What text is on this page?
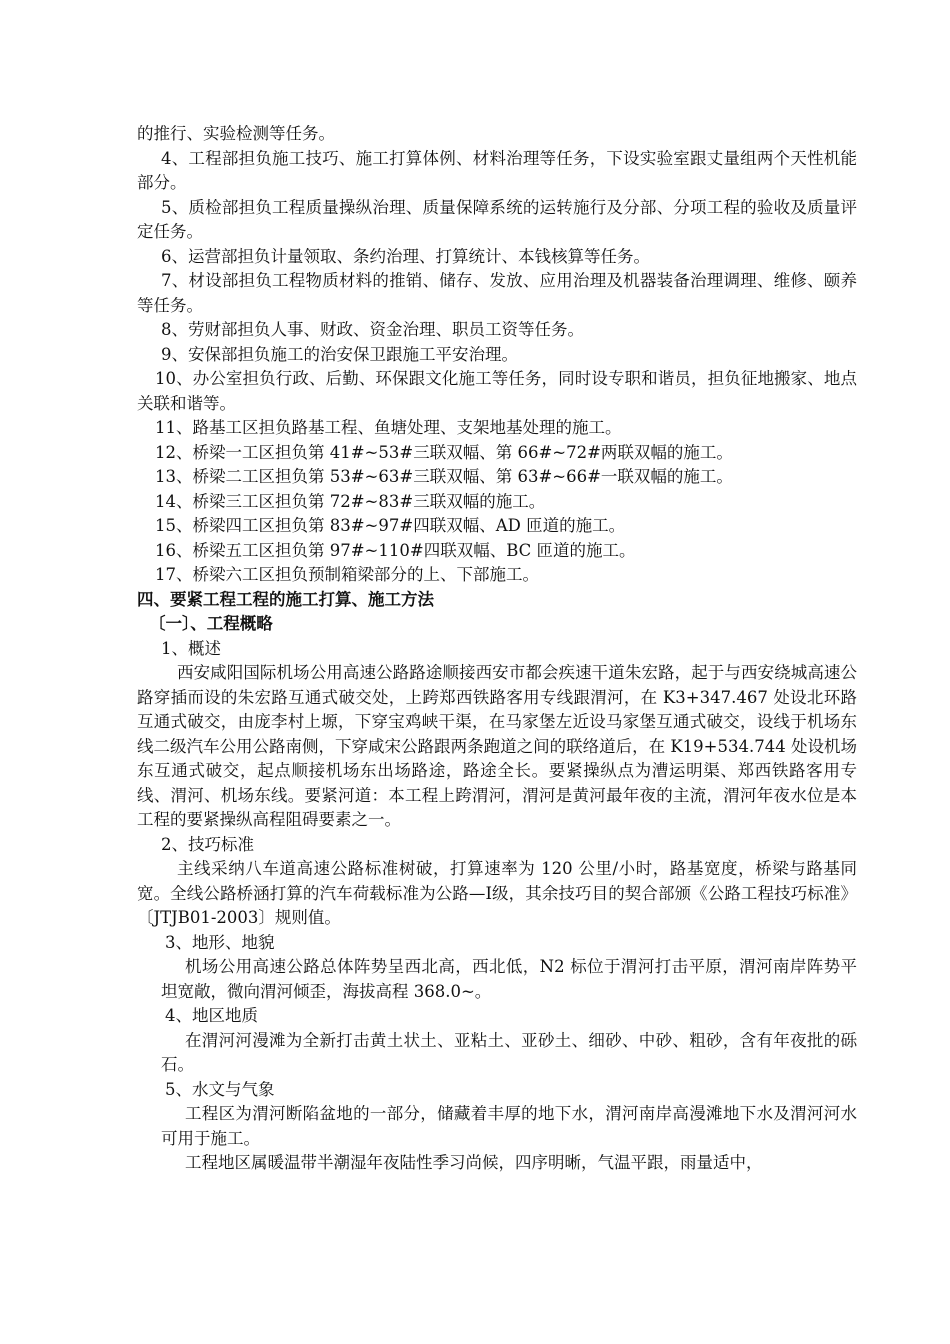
的推行、实验检测等任务。

4、工程部担负施工技巧、施工打算体例、材料治理等任务，下设实验室跟丈量组两个天性机能部分。

5、质检部担负工程质量操纵治理、质量保障系统的运转施行及分部、分项工程的验收及质量评定任务。

6、运营部担负计量领取、条约治理、打算统计、本钱核算等任务。

7、材设部担负工程物质材料的推销、储存、发放、应用治理及机器装备治理调理、维修、颐养等任务。

8、劳财部担负人事、财政、资金治理、职员工资等任务。

9、安保部担负施工的治安保卫跟施工平安治理。

10、办公室担负行政、后勤、环保跟文化施工等任务，同时设专职和谐员，担负征地搬家、地点关联和谐等。

11、路基工区担负路基工程、鱼塘处理、支架地基处理的施工。

12、桥梁一工区担负第 41#~53#三联双幅、第 66#~72#两联双幅的施工。

13、桥梁二工区担负第 53#~63#三联双幅、第 63#~66#一联双幅的施工。

14、桥梁三工区担负第 72#~83#三联双幅的施工。

15、桥梁四工区担负第 83#~97#四联双幅、AD 匝道的施工。

16、桥梁五工区担负第 97#~110#四联双幅、BC 匝道的施工。

17、桥梁六工区担负预制箱梁部分的上、下部施工。

四、要紧工程工程的施工打算、施工方法

〔一〕、工程概略

1、概述

西安咸阳国际机场公用高速公路路途顺接西安市都会疾速干道朱宏路，起于与西安绕城高速公路穿插而设的朱宏路互通式破交处，上跨郑西铁路客用专线跟渭河，在 K3+347.467 处设北环路互通式破交，由庞李村上塬，下穿宝鸡峡干渠，在马家堡左近设马家堡互通式破交，设线于机场东线二级汽车公用公路南侧，下穿咸宋公路跟两条跑道之间的联络道后，在 K19+534.744 处设机场东互通式破交，起点顺接机场东出场路途，路途全长。要紧操纵点为漕运明渠、郑西铁路客用专线、渭河、机场东线。要紧河道：本工程上跨渭河，渭河是黄河最年夜的主流，渭河年夜水位是本工程的要紧操纵高程阻碍要素之一。

2、技巧标准

主线采纳八车道高速公路标准树破，打算速率为 120 公里/小时，路基宽度，桥梁与路基同宽。全线公路桥涵打算的汽车荷载标准为公路—Ⅰ级，其余技巧目的契合部颁《公路工程技巧标准》〔JTJB01-2003〕规则值。

3、地形、地貌

机场公用高速公路总体阵势呈西北高，西北低，N2 标位于渭河打击平原，渭河南岸阵势平坦宽敞，微向渭河倾歪，海拔高程 368.0~。

4、地区地质

在渭河河漫滩为全新打击黄土状土、亚粘土、亚砂土、细砂、中砂、粗砂，含有年夜批的砾石。

5、水文与气象

工程区为渭河断陷盆地的一部分，储藏着丰厚的地下水，渭河南岸高漫滩地下水及渭河河水可用于施工。

工程地区属暖温带半潮湿年夜陆性季习尚候，四序明晰，气温平跟，雨量适中，
